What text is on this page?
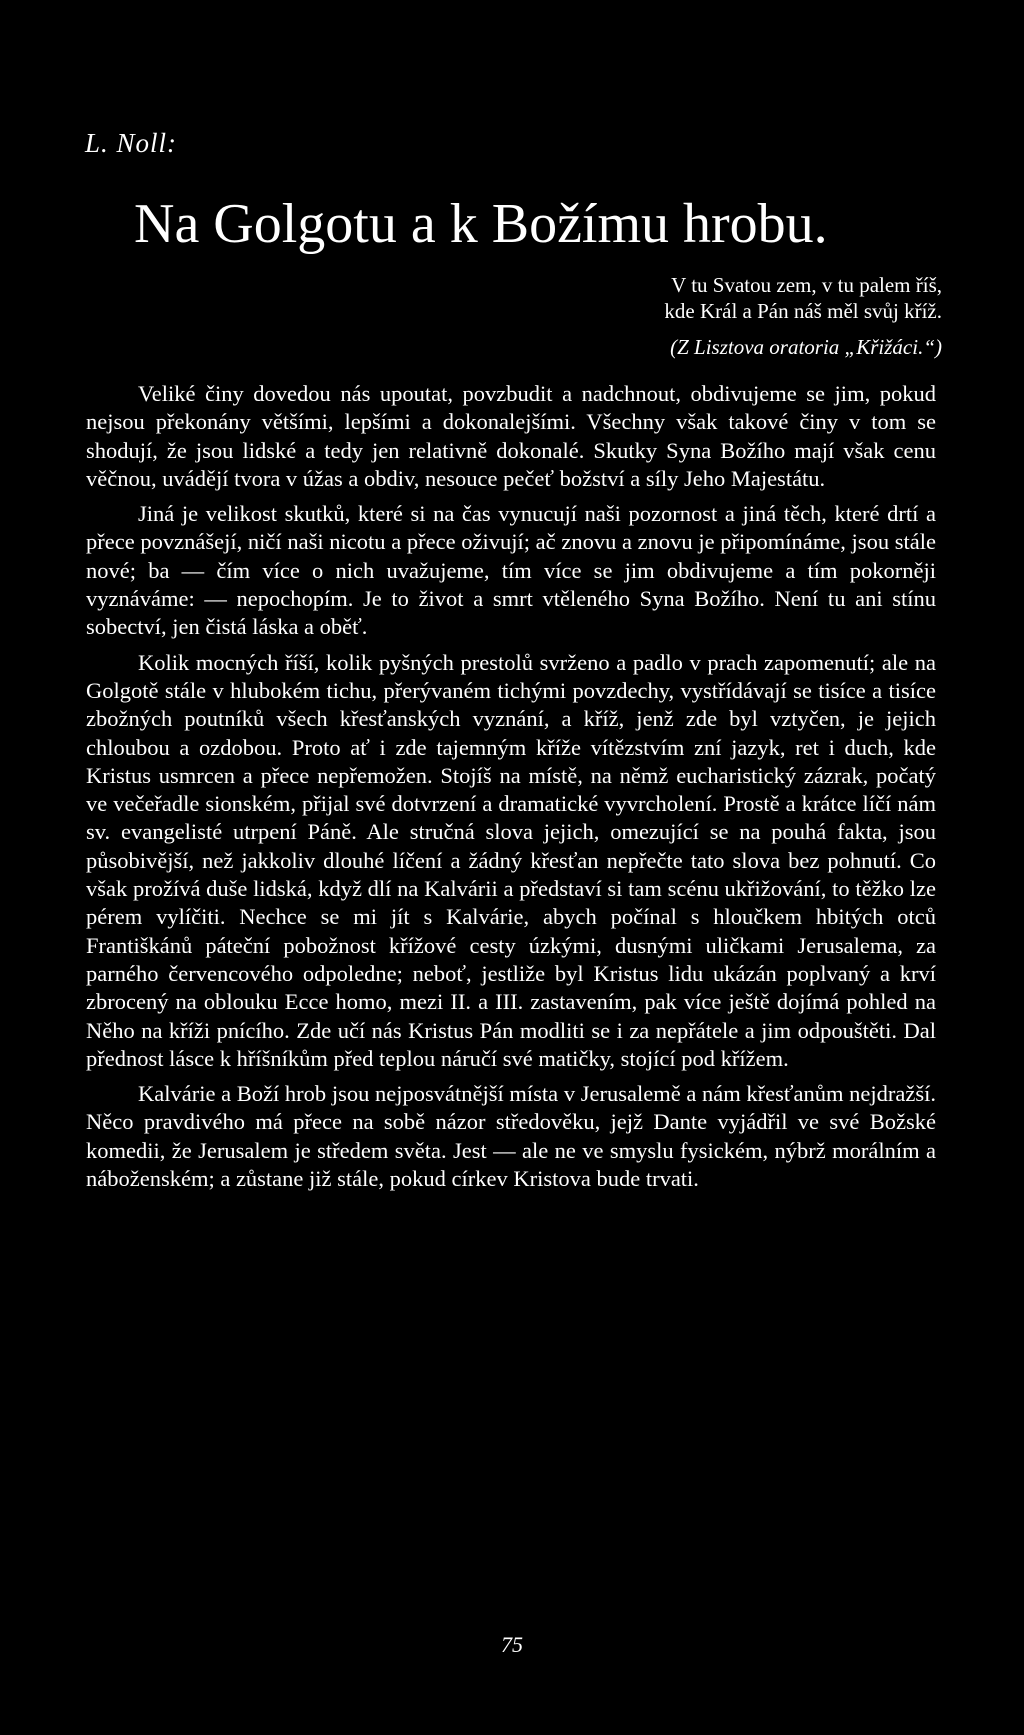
L. Noll:
Na Golgotu a k Božímu hrobu.
V tu Svatou zem, v tu palem říš,
kde Král a Pán náš měl svůj kříž.
(Z Lisztova oratoria „Křižáci.“)

Veliké činy dovedou nás upoutat, povzbudit a nadchnout, obdivujeme se jim, pokud nejsou překonány většími, lepšími a dokonalejšími. Všechny však takové činy v tom se shodují, že jsou lidské a tedy jen relativně dokonalé. Skutky Syna Božího mají však cenu věčnou, uvádějí tvora v úžas a obdiv, nesouce pečeť božství a síly Jeho Majestátu.

Jiná je velikost skutků, které si na čas vynucují naši pozornost a jiná těch, které drtí a přece povznášejí, ničí naši nicotu a přece oživují; ač znovu a znovu je připomínáme, jsou stále nové; ba — čím více o nich uvažujeme, tím více se jim obdivujeme a tím pokorněji vyznáváme: — nepochopím. Je to život a smrt vtěleného Syna Božího. Není tu ani stínu sobectví, jen čistá láska a oběť.

Kolik mocných říší, kolik pyšných prestolů svrženo a padlo v prach zapomenutí; ale na Golgotě stále v hlubokém tichu, přerývaném tichými povzdechy, vystřídávají se tisíce a tisíce zbožných poutníků všech křesťanských vyznání, a kříž, jenž zde byl vztyčen, je jejich chloubou a ozdobou. Proto ať i zde tajemným kříže vítězstvím zní jazyk, ret i duch, kde Kristus usmrcen a přece nepřemožen. Stojíš na místě, na němž eucharistický zázrak, počatý ve večeřadle sionském, přijal své dotvrzení a dramatické vyvrcholení. Prostě a krátce líčí nám sv. evangelisté utrpení Páně. Ale stručná slova jejich, omezující se na pouhá fakta, jsou působivější, než jakkoliv dlouhé líčení a žádný křesťan nepřečte tato slova bez pohnutí. Co však prožívá duše lidská, když dlí na Kalvárii a představí si tam scénu ukřižování, to těžko lze pérem vylíčiti. Nechce se mi jít s Kalvárie, abych počínal s hloučkem hbitých otců Františkánů páteční pobožnost křížové cesty úzkými, dusnými uličkami Jerusalema, za parného červencového odpoledne; neboť, jestliže byl Kristus lidu ukázán poplvaný a krví zbrocený na oblouku Ecce homo, mezi II. a III. zastavením, pak více ještě dojímá pohled na Něho na kříži pnícího. Zde učí nás Kristus Pán modliti se i za nepřátele a jim odpouštěti. Dal přednost lásce k hříšníkům před teplou náručí své matičky, stojící pod křížem.

Kalvárie a Boží hrob jsou nejposvátnější místa v Jerusalemě a nám křesťanům nejdražší. Něco pravdivého má přece na sobě názor středověku, jejž Dante vyjádřil ve své Božské komedii, že Jerusalem je středem světa. Jest — ale ne ve smyslu fysickém, nýbrž morálním a náboženském; a zůstane již stále, pokud církev Kristova bude trvati.

75
